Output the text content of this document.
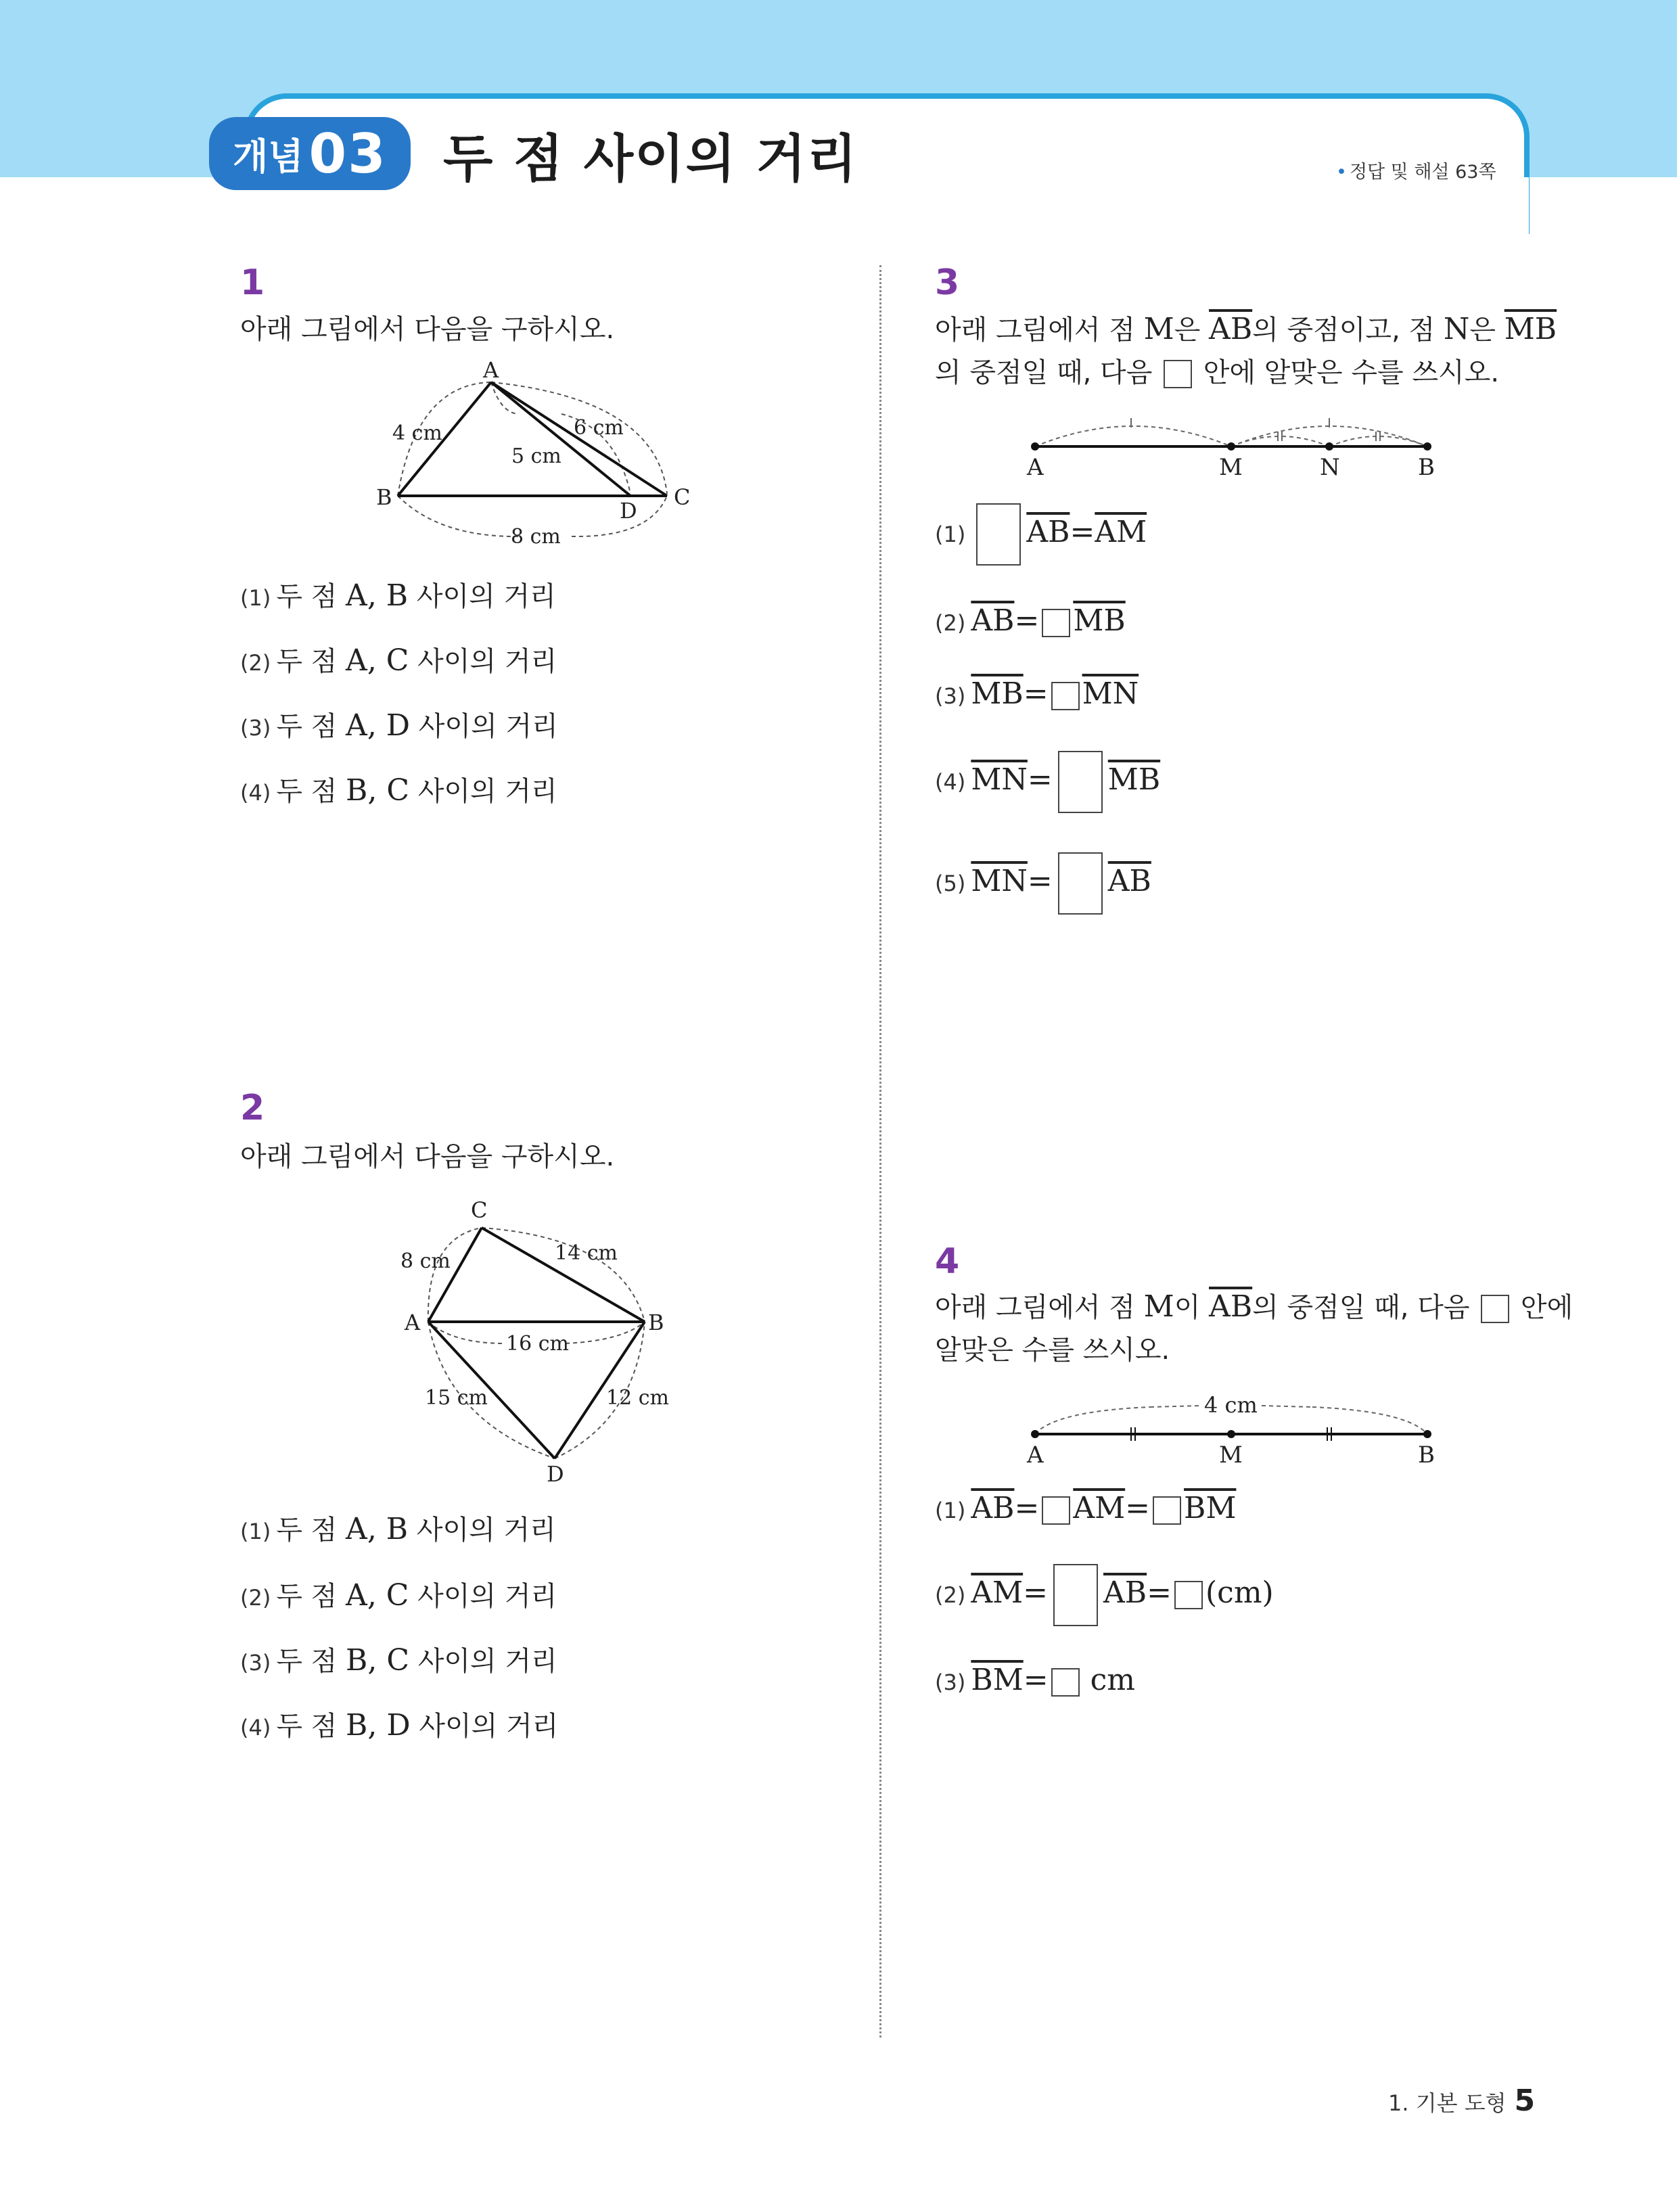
개념 03 두 점 사이의 거리	• 정답 및 해설 63쪽
1
아래 그림에서 다음을 구하시오.
A
B	C
D
4 cm	6 cm
5 cm
8 cm
(1) 두 점 A, B 사이의 거리
(2) 두 점 A, C 사이의 거리
(3) 두 점 A, D 사이의 거리
(4) 두 점 B, C 사이의 거리
2
아래 그림에서 다음을 구하시오.
C
A	B
D
8 cm	14 cm
16 cm
15 cm	12 cm
(1) 두 점 A, B 사이의 거리
(2) 두 점 A, C 사이의 거리
(3) 두 점 B, C 사이의 거리
(4) 두 점 B, D 사이의 거리
3
아래 그림에서 점 M은 $\overline{AB}$의 중점이고, 점 N은 $\overline{MB}$
의 중점일 때, 다음  안에 알맞은 수를 쓰시오.
A	M	N	B
(1) $\overline{AB}=\overline{AM}$
(2) $\overline{AB}= \overline{MB}$
(3) $\overline{MB}= \overline{MN}$
(4) $\overline{MN}= \overline{MB}$
(5) $\overline{MN}= \overline{AB}$
4
아래 그림에서 점 M이 $\overline{AB}$의 중점일 때, 다음  안에
알맞은 수를 쓰시오.
4 cm
A	M	B
(1) $\overline{AB}= \overline{AM}= \overline{BM}$
(2) $\overline{AM}= \overline{AB}= (cm)$
(3) $\overline{BM}=$ cm
1. 기본 도형 5
